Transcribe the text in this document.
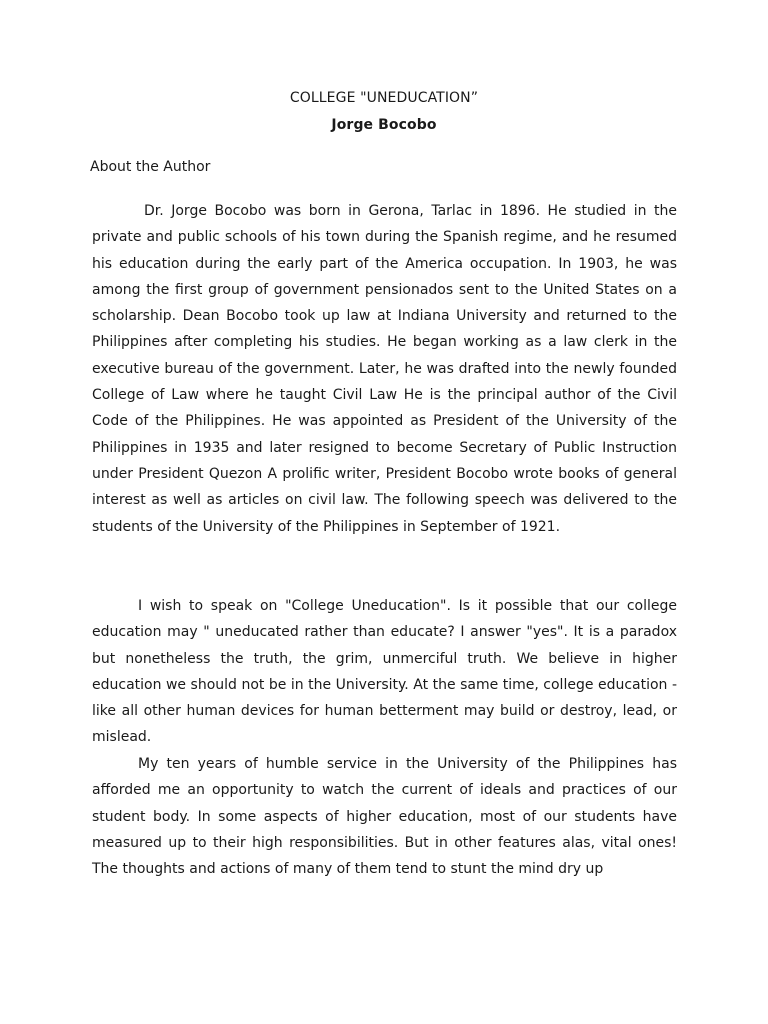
COLLEGE "UNEDUCATION”
Jorge Bocobo
About the Author

Dr. Jorge Bocobo was born in Gerona, Tarlac in 1896. He studied in the private and public schools of his town during the Spanish regime, and he resumed his education during the early part of the America occupation. In 1903, he was among the first group of government pensionados sent to the United States on a scholarship. Dean Bocobo took up law at Indiana University and returned to the Philippines after completing his studies. He began working as a law clerk in the executive bureau of the government. Later, he was drafted into the newly founded College of Law where he taught Civil Law He is the principal author of the Civil Code of the Philippines. He was appointed as President of the University of the Philippines in 1935 and later resigned to become Secretary of Public Instruction under President Quezon A prolific writer, President Bocobo wrote books of general interest as well as articles on civil law. The following speech was delivered to the students of the University of the Philippines in September of 1921.

I wish to speak on "College Uneducation". Is it possible that our college education may " uneducated rather than educate? I answer "yes". It is a paradox but nonetheless the truth, the grim, unmerciful truth. We believe in higher education we should not be in the University. At the same time, college education - like all other human devices for human betterment may build or destroy, lead, or mislead.

My ten years of humble service in the University of the Philippines has afforded me an opportunity to watch the current of ideals and practices of our student body. In some aspects of higher education, most of our students have measured up to their high responsibilities. But in other features alas, vital ones! The thoughts and actions of many of them tend to stunt the mind dry up
